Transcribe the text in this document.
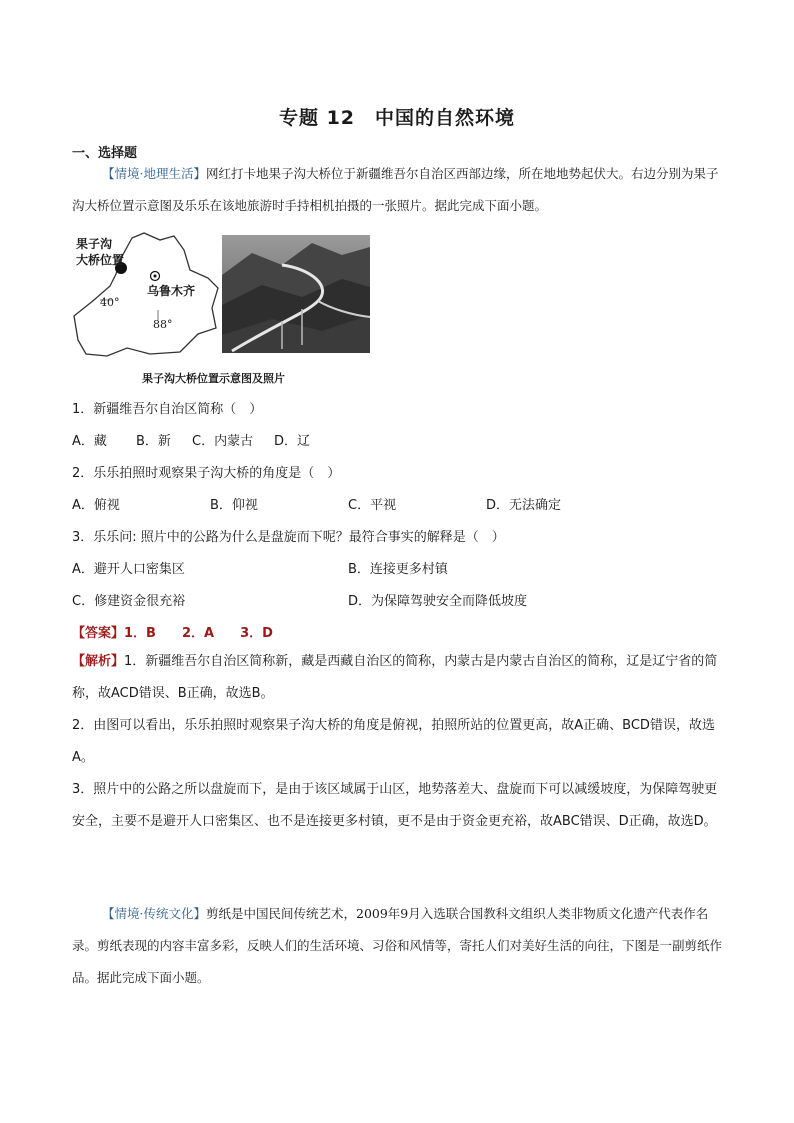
专题 12　中国的自然环境
一、选择题
【情境·地理生活】网红打卡地果子沟大桥位于新疆维吾尔自治区西部边缘，所在地地势起伏大。右边分别为果子沟大桥位置示意图及乐乐在该地旅游时手持相机拍摄的一张照片。据此完成下面小题。
果子沟
大桥位置
乌鲁木齐
40°
88°
果子沟大桥位置示意图及照片
1．新疆维吾尔自治区简称（　）
A．藏 B．新 C．内蒙古 D．辽
2．乐乐拍照时观察果子沟大桥的角度是（　）
A．俯视	B．仰视	C．平视	D．无法确定
3．乐乐问: 照片中的公路为什么是盘旋而下呢？最符合事实的解释是（　）
A．避开人口密集区	B．连接更多村镇
C．修建资金很充裕	D．为保障驾驶安全而降低坡度
【答案】1．B　　2．A　　3．D
【解析】1．新疆维吾尔自治区简称新，藏是西藏自治区的简称，内蒙古是内蒙古自治区的简称，辽是辽宁省的简称，故ACD错误、B正确，故选B。
2．由图可以看出，乐乐拍照时观察果子沟大桥的角度是俯视，拍照所站的位置更高，故A正确、BCD错误，故选A。
3．照片中的公路之所以盘旋而下，是由于该区域属于山区，地势落差大、盘旋而下可以减缓坡度，为保障驾驶更安全，主要不是避开人口密集区、也不是连接更多村镇，更不是由于资金更充裕，故ABC错误、D正确，故选D。
【情境·传统文化】剪纸是中国民间传统艺术，2009年9月入选联合国教科文组织人类非物质文化遗产代表作名录。剪纸表现的内容丰富多彩，反映人们的生活环境、习俗和风情等，寄托人们对美好生活的向往，下图是一副剪纸作品。据此完成下面小题。
